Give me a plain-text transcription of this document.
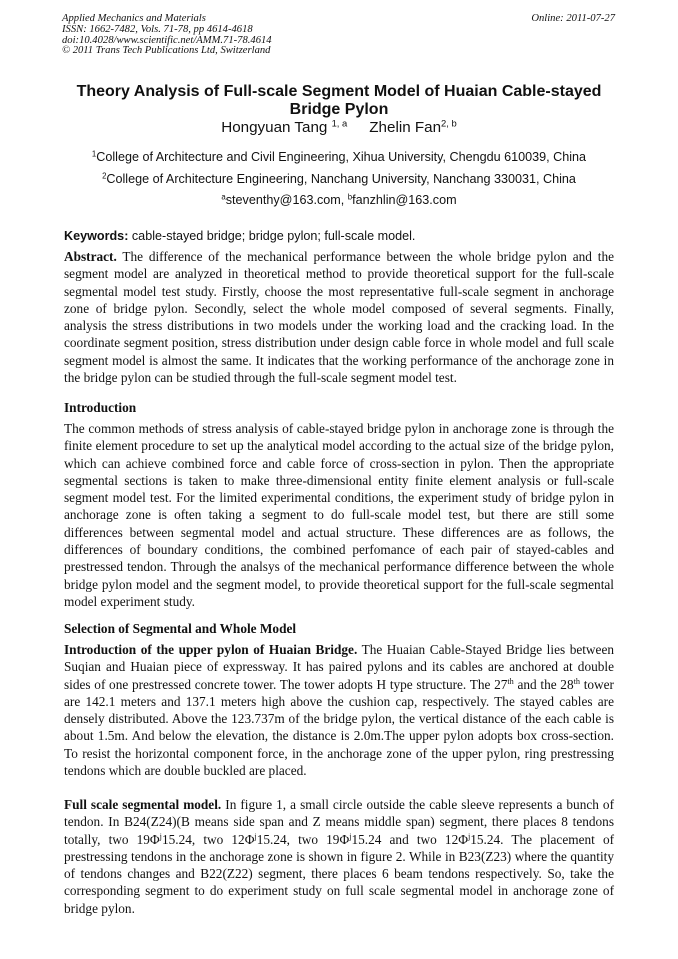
Applied Mechanics and Materials
ISSN: 1662-7482, Vols. 71-78, pp 4614-4618
doi:10.4028/www.scientific.net/AMM.71-78.4614
© 2011 Trans Tech Publications Ltd, Switzerland
Online: 2011-07-27
Theory Analysis of Full-scale Segment Model of Huaian Cable-stayed
Bridge Pylon
Hongyuan Tang $^{1, a}$ Zhelin Fan$^{2, b}$
$^1$College of Architecture and Civil Engineering, Xihua University, Chengdu 610039, China
$^2$College of Architecture Engineering, Nanchang University, Nanchang 330031, China
$^a$steventhy@163.com, $^b$fanzhlin@163.com
Keywords: cable-stayed bridge; bridge pylon; full-scale model.

Abstract. The difference of the mechanical performance between the whole bridge pylon and the segment model are analyzed in theoretical method to provide theoretical support for the full-scale segmental model test study. Firstly, choose the most representative full-scale segment in anchorage zone of bridge pylon. Secondly, select the whole model composed of several segments. Finally, analysis the stress distributions in two models under the working load and the cracking load. In the coordinate segment position, stress distribution under design cable force in whole model and full scale segment model is almost the same. It indicates that the working performance of the anchorage zone in the bridge pylon can be studied through the full-scale segment model test.

Introduction

The common methods of stress analysis of cable-stayed bridge pylon in anchorage zone is through the finite element procedure to set up the analytical model according to the actual size of the bridge pylon, which can achieve combined force and cable force of cross-section in pylon. Then the appropriate segmental sections is taken to make three-dimensional entity finite element analysis or full-scale segment model test. For the limited experimental conditions, the experiment study of bridge pylon in anchorage zone is often taking a segment to do full-scale model test, but there are still some differences between segmental model and actual structure. These differences are as follows, the differences of boundary conditions, the combined perfomance of each pair of stayed-cables and prestressed tendon. Through the analsys of the mechanical performance difference between the whole bridge pylon model and the segment model, to provide theoretical support for the full-scale segmental model experiment study.

Selection of Segmental and Whole Model

Introduction of the upper pylon of Huaian Bridge. The Huaian Cable-Stayed Bridge lies between Suqian and Huaian piece of expressway. It has paired pylons and its cables are anchored at double sides of one prestressed concrete tower. The tower adopts H type structure. The 27th and the 28th tower are 142.1 meters and 137.1 meters high above the cushion cap, respectively. The stayed cables are densely distributed. Above the 123.737m of the bridge pylon, the vertical distance of the each cable is about 1.5m. And below the elevation, the distance is 2.0m.The upper pylon adopts box cross-section. To resist the horizontal component force, in the anchorage zone of the upper pylon, ring prestressing tendons which are double buckled are placed.

Full scale segmental model. In figure 1, a small circle outside the cable sleeve represents a bunch of tendon. In B24(Z24)(B means side span and Z means middle span) segment, there places 8 tendons totally, two $19\Phi^j15.24$, two $12\Phi^j15.24$, two $19\Phi^j15.24$ and two $12\Phi^j15.24$. The placement of prestressing tendons in the anchorage zone is shown in figure 2. While in B23(Z23) where the quantity of tendons changes and B22(Z22) segment, there places 6 beam tendons respectively. So, take the corresponding segment to do experiment study on full scale segmental model in anchorage zone of bridge pylon.
